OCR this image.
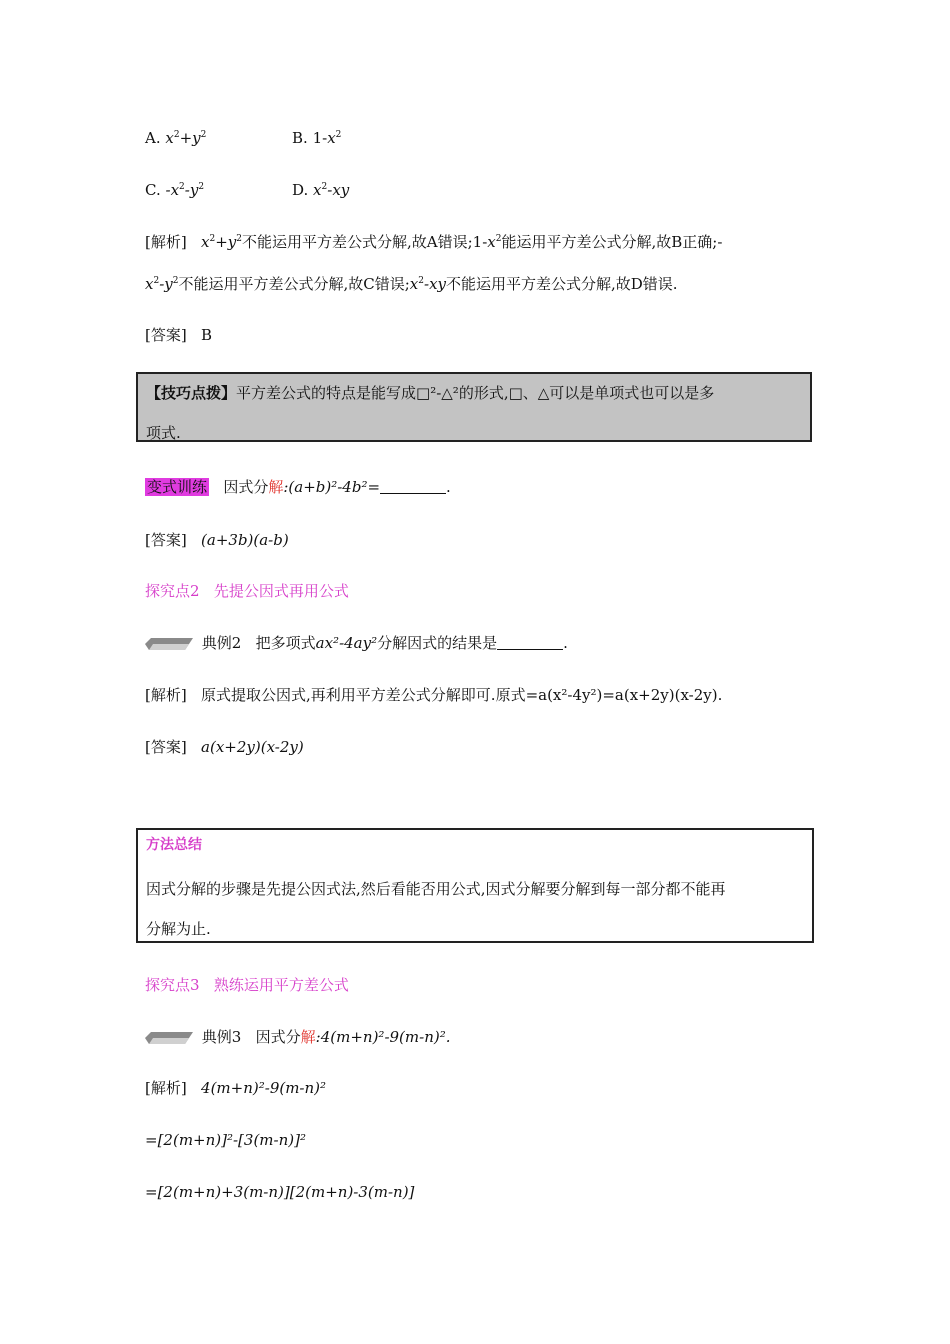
A. $x^2+y^2$	B. $1-x^2$
C. $-x^2-y^2$	D. $x^2-xy$
[解析] $x^2+y^2$不能运用平方差公式分解,故A错误$;1-x^2$能运用平方差公式分解,故B正确;-
$x^2-y^2$不能运用平方差公式分解,故C错误$;x^2-xy$不能运用平方差公式分解,故D错误.
[答案] B
【技巧点拨】平方差公式的特点是能写成□²-△²的形式,□、△可以是单项式也可以是多
项式.
变式训练 因式分解:(a+b)²-4b²=	.
[答案] (a+3b)(a-b)
探究点2 先提公因式再用公式
典例2 把多项式ax²-4ay²分解因式的结果是	.
[解析] 原式提取公因式,再利用平方差公式分解即可.原式=a(x²-4y²)=a(x+2y)(x-2y).
[答案] a(x+2y)(x-2y)
方法总结
因式分解的步骤是先提公因式法,然后看能否用公式,因式分解要分解到每一部分都不能再
分解为止.
探究点3 熟练运用平方差公式
典例3 因式分解:4(m+n)²-9(m-n)².
[解析] 4(m+n)²-9(m-n)²
=[2(m+n)]²-[3(m-n)]²
=[2(m+n)+3(m-n)][2(m+n)-3(m-n)]
